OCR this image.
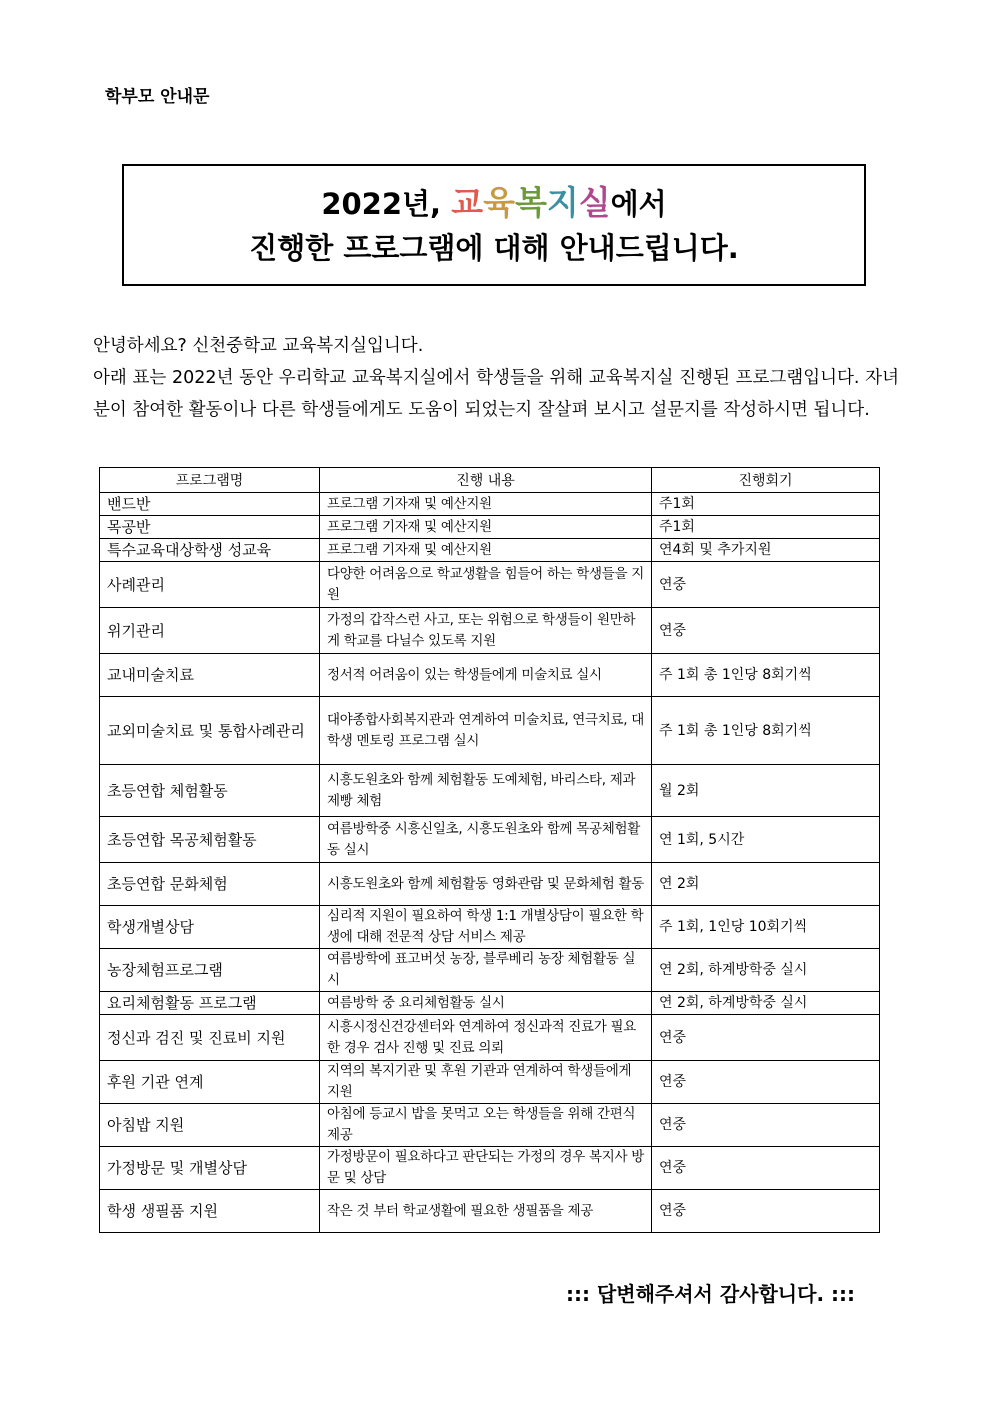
학부모 안내문
2022년, 교육복지실에서
진행한 프로그램에 대해 안내드립니다.

안녕하세요? 신천중학교 교육복지실입니다.

아래 표는 2022년 동안 우리학교 교육복지실에서 학생들을 위해 교육복지실 진행된 프로그램입니다. 자녀분이 참여한 활동이나 다른 학생들에게도 도움이 되었는지 잘살펴 보시고 설문지를 작성하시면 됩니다.

프로그램명	진행 내용	진행회기
밴드반	프로그램 기자재 및 예산지원	주1회
목공반	프로그램 기자재 및 예산지원	주1회
특수교육대상학생 성교육	프로그램 기자재 및 예산지원	연4회 및 추가지원
사례관리	다양한 어려움으로 학교생활을 힘들어 하는 학생들을 지원	연중
위기관리	가정의 갑작스런 사고, 또는 위험으로 학생들이 원만하게 학교를 다닐수 있도록 지원	연중
교내미술치료	정서적 어려움이 있는 학생들에게 미술치료 실시	주 1회 총 1인당 8회기씩
교외미술치료 및 통합사례관리	대야종합사회복지관과 연계하여 미술치료, 연극치료, 대학생 멘토링 프로그램 실시	주 1회 총 1인당 8회기씩
초등연합 체험활동	시흥도원초와 함께 체험활동 도예체험, 바리스타, 제과제빵 체험	월 2회
초등연합 목공체험활동	여름방학중 시흥신일초, 시흥도원초와 함께 목공체험활동 실시	연 1회, 5시간
초등연합 문화체험	시흥도원초와 함께 체험활동 영화관람 및 문화체험 활동	연 2회
학생개별상담	심리적 지원이 필요하여 학생 1:1 개별상담이 필요한 학생에 대해 전문적 상담 서비스 제공	주 1회, 1인당 10회기씩
농장체험프로그램	여름방학에 표고버섯 농장, 블루베리 농장 체험활동 실시	연 2회, 하계방학중 실시
요리체험활동 프로그램	여름방학 중 요리체험활동 실시	연 2회, 하계방학중 실시
정신과 검진 및 진료비 지원	시흥시정신건강센터와 연계하여 정신과적 진료가 필요한 경우 검사 진행 및 진료 의뢰	연중
후원 기관 연계	지역의 복지기관 및 후원 기관과 연계하여 학생들에게 지원	연중
아침밥 지원	아침에 등교시 밥을 못먹고 오는 학생들을 위해 간편식 제공	연중
가정방문 및 개별상담	가정방문이 필요하다고 판단되는 가정의 경우 복지사 방문 및 상담	연중
학생 생필품 지원	작은 것 부터 학교생활에 필요한 생필품을 제공	연중
::: 답변해주셔서 감사합니다. :::
